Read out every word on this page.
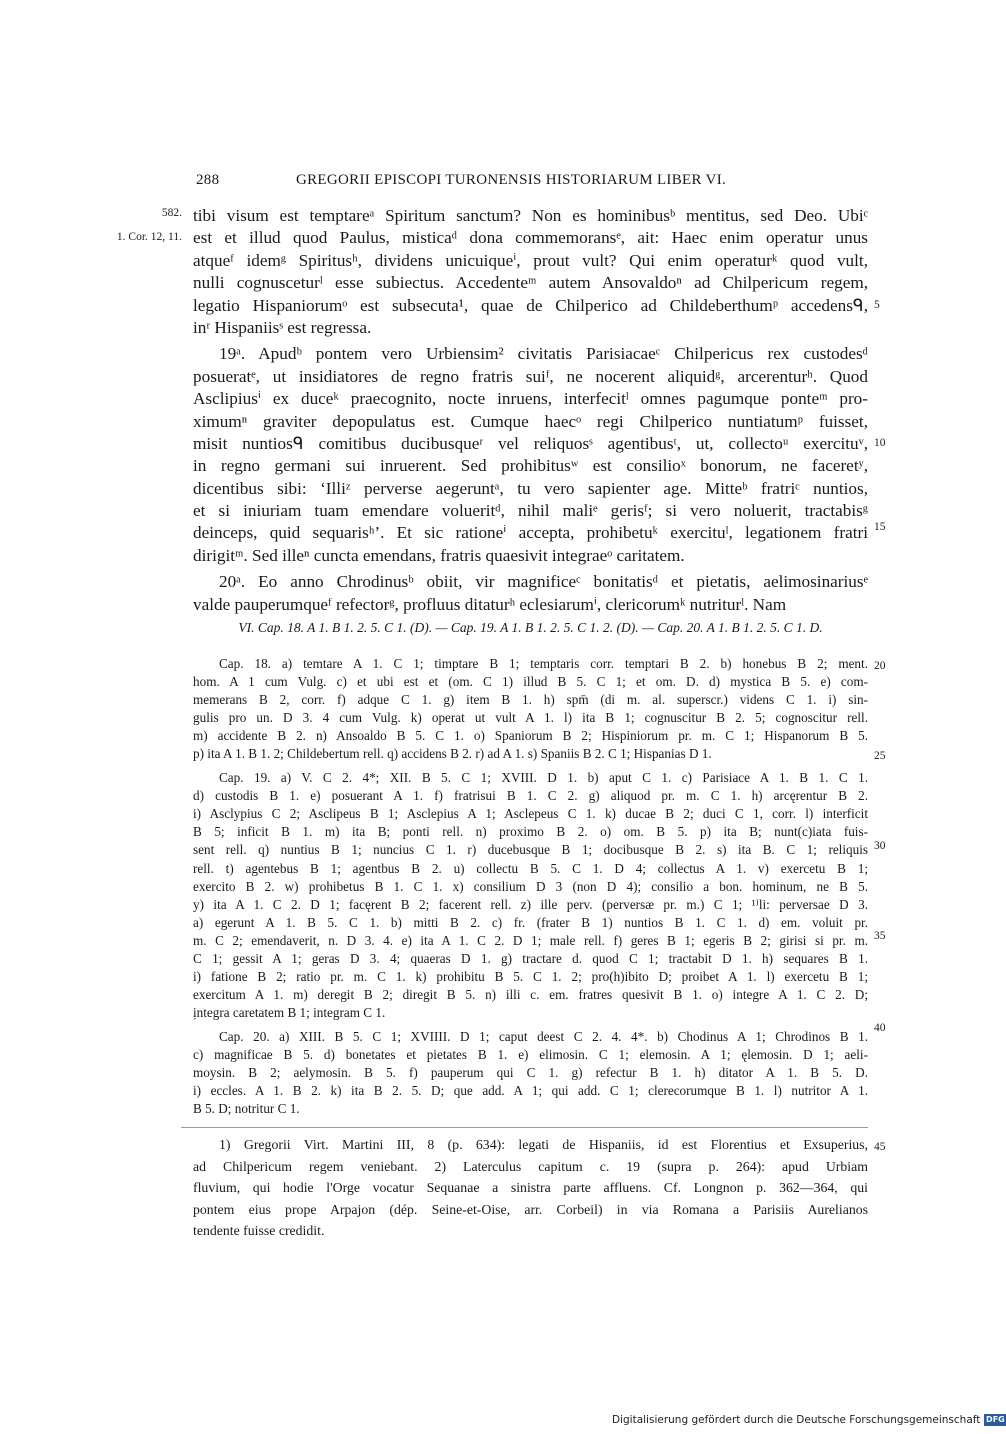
288	GREGORII EPISCOPI TURONENSIS HISTORIARUM LIBER VI.
582.
1. Cor. 12, 11.
5
10
15
20
25
30
35
40
45
tibi visum est temptareᵃ Spiritum sanctum? Non es hominibusᵇ mentitus, sed Deo. Ubiᶜ
est et illud quod Paulus, misticaᵈ dona commemoransᵉ, ait: Haec enim operatur unus
atqueᶠ idemᵍ Spiritusʰ, dividens unicuiqueⁱ, prout vult? Qui enim operaturᵏ quod vult,
nulli cognusceturˡ esse subiectus. Accedenteᵐ autem Ansovaldoⁿ ad Chilpericum regem,
legatio Hispaniorumᵒ est subsecuta¹, quae de Chilperico ad Childeberthumᵖ accedensᑫ,
inʳ Hispaniisˢ est regressa.
19ᵃ. Apudᵇ pontem vero Urbiensim² civitatis Parisiacaeᶜ Chilpericus rex custodesᵈ
posueratᵉ, ut insidiatores de regno fratris suiᶠ, ne nocerent aliquidᵍ, arcerenturʰ. Quod
Asclipiusⁱ ex duceᵏ praecognito, nocte inruens, interfecitˡ omnes pagumque ponteᵐ pro-
ximumⁿ graviter depopulatus est. Cumque haecᵒ regi Chilperico nuntiatumᵖ fuisset,
misit nuntiosᑫ comitibus ducibusqueʳ vel reliquosˢ agentibusᵗ, ut, collectoᵘ exercituᵛ,
in regno germani sui inruerent. Sed prohibitusʷ est consilioˣ bonorum, ne faceretʸ,
dicentibus sibi: ‘Illiᶻ perverse aegeruntᵃ, tu vero sapienter age. Mitteᵇ fratriᶜ nuntios,
et si iniuriam tuam emendare volueritᵈ, nihil maliᵉ gerisᶠ; si vero noluerit, tractabisᵍ
deinceps, quid sequarisʰ’. Et sic rationeⁱ accepta, prohibetuᵏ exercituˡ, legationem fratri
dirigitᵐ. Sed illeⁿ cuncta emendans, fratris quaesivit integraeᵒ caritatem.
20ᵃ. Eo anno Chrodinusᵇ obiit, vir magnificeᶜ bonitatisᵈ et pietatis, aelimosinariusᵉ
valde pauperumqueᶠ refectorᵍ, profluus ditaturʰ eclesiarumⁱ, clericorumᵏ nutriturˡ. Nam
VI. Cap. 18. A 1. B 1. 2. 5. C 1. (D). — Cap. 19. A 1. B 1. 2. 5. C 1. 2. (D). — Cap. 20. A 1. B 1. 2. 5. C 1. D.
Cap. 18. a) temtare A 1. C 1; timptare B 1; temptaris corr. temptari B 2. b) honebus B 2; ment.
hom. A 1 cum Vulg. c) et ubi est et (om. C 1) illud B 5. C 1; et om. D. d) mystica B 5. e) com-
memerans B 2, corr. f) adque C 1. g) item B 1. h) spm̄ (di m. al. superscr.) videns C 1. i) sin-
gulis pro un. D 3. 4 cum Vulg. k) operat ut vult A 1. l) ita B 1; cognuscitur B 2. 5; cognoscitur rell.
m) accidente B 2. n) Ansoaldo B 5. C 1. o) Spaniorum B 2; Hispiniorum pr. m. C 1; Hispanorum B 5.
p) ita A 1. B 1. 2; Childebertum rell. q) accidens B 2. r) ad A 1. s) Spaniis B 2. C 1; Hispanias D 1.
Cap. 19. a) V. C 2. 4*; XII. B 5. C 1; XVIII. D 1. b) aput C 1. c) Parisiace A 1. B 1. C 1.
d) custodis B 1. e) posuerant A 1. f) fratrisui B 1. C 2. g) aliquod pr. m. C 1. h) arcęrentur B 2.
i) Asclypius C 2; Asclipeus B 1; Asclepius A 1; Asclepeus C 1. k) ducae B 2; duci C 1, corr. l) interficit
B 5; inficit B 1. m) ita B; ponti rell. n) proximo B 2. o) om. B 5. p) ita B; nunt(c)iata fuis-
sent rell. q) nuntius B 1; nuncius C 1. r) ducebusque B 1; docibusque B 2. s) ita B. C 1; reliquis
rell. t) agentebus B 1; agentbus B 2. u) collectu B 5. C 1. D 4; collectus A 1. v) exercetu B 1;
exercito B 2. w) prohibetus B 1. C 1. x) consilium D 3 (non D 4); consilio a bon. hominum, ne B 5.
y) ita A 1. C 2. D 1; facęrent B 2; facerent rell. z) ille perv. (perversæ pr. m.) C 1; ¹⁾li: perversae D 3.
a) egerunt A 1. B 5. C 1. b) mitti B 2. c) fr. (frater B 1) nuntios B 1. C 1. d) em. voluit pr.
m. C 2; emendaverit, n. D 3. 4. e) ita A 1. C 2. D 1; male rell. f) geres B 1; egeris B 2; girisi si pr. m.
C 1; gessit A 1; geras D 3. 4; quaeras D 1. g) tractare d. quod C 1; tractabit D 1. h) sequares B 1.
i) fatione B 2; ratio pr. m. C 1. k) prohibitu B 5. C 1. 2; pro(h)ibito D; proibet A 1. l) exercetu B 1;
exercitum A 1. m) deregit B 2; diregit B 5. n) illi c. em. fratres quesivit B 1. o) integre A 1. C 2. D;
ịntegra caretatem B 1; integram C 1.
Cap. 20. a) XIII. B 5. C 1; XVIIII. D 1; caput deest C 2. 4. 4*. b) Chodinus A 1; Chrodinos B 1.
c) magnificae B 5. d) bonetates et pietates B 1. e) elimosin. C 1; elemosin. A 1; ęlemosin. D 1; aeli-
moysin. B 2; aelymosin. B 5. f) pauperum qui C 1. g) refectur B 1. h) ditator A 1. B 5. D.
i) eccles. A 1. B 2. k) ita B 2. 5. D; que add. A 1; qui add. C 1; clerecorumque B 1. l) nutritor A 1.
B 5. D; notritur C 1.
1) Gregorii Virt. Martini III, 8 (p. 634): legati de Hispaniis, id est Florentius et Exsuperius,
ad Chilpericum regem veniebant. 2) Laterculus capitum c. 19 (supra p. 264): apud Urbiam
fluvium, qui hodie l'Orge vocatur Sequanae a sinistra parte affluens. Cf. Longnon p. 362—364, qui
pontem eius prope Arpajon (dép. Seine-et-Oise, arr. Corbeil) in via Romana a Parisiis Aurelianos
tendente fuisse credidit.
Digitalisierung gefördert durch die Deutsche Forschungsgemeinschaft DFG
